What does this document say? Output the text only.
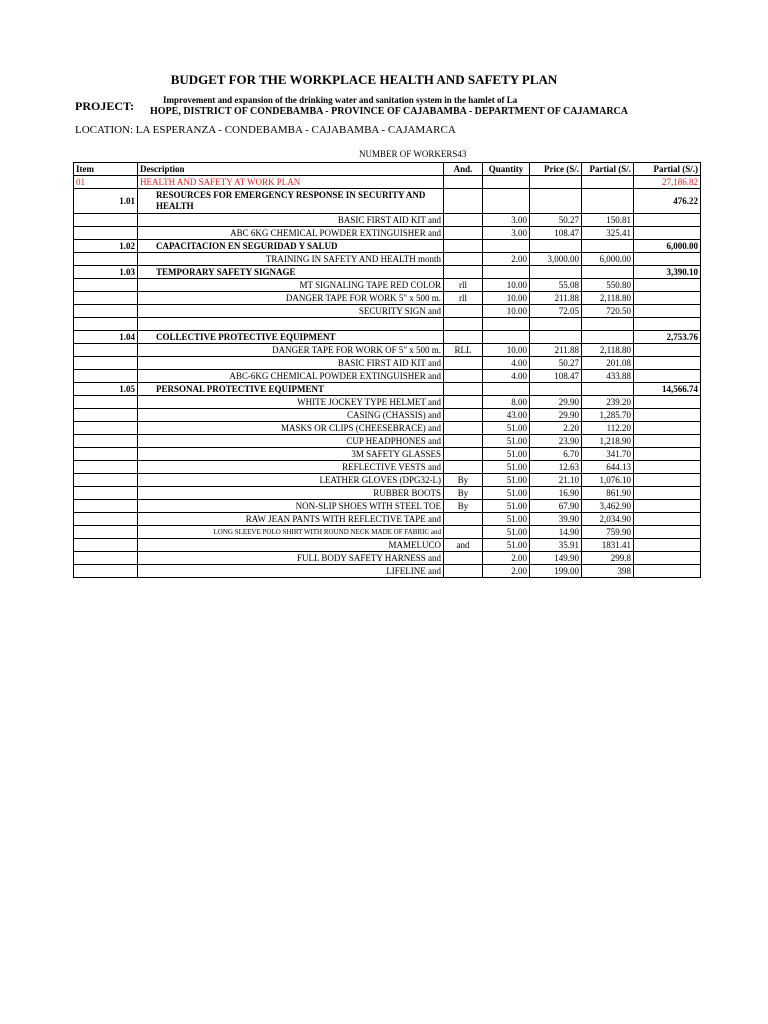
BUDGET FOR THE WORKPLACE HEALTH AND SAFETY PLAN
PROJECT:	Improvement and expansion of the drinking water and sanitation system in the hamlet of La
HOPE, DISTRICT OF CONDEBAMBA - PROVINCE OF CAJABAMBA - DEPARTMENT OF CAJAMARCA
LOCATION: LA ESPERANZA - CONDEBAMBA - CAJABAMBA - CAJAMARCA
NUMBER OF WORKERS43
Item	Description	And.	Quantity	Price (S/.	Partial (S/.	Partial (S/.)
01	HEALTH AND SAFETY AT WORK PLAN					27,186.82
1.01	RESOURCES FOR EMERGENCY RESPONSE IN SECURITY AND HEALTH					476.22
	BASIC FIRST AID KIT and		3.00	50.27	150.81	
	ABC 6KG CHEMICAL POWDER EXTINGUISHER and		3.00	108.47	325.41	
1.02	CAPACITACION EN SEGURIDAD Y SALUD					6,000.00
	TRAINING IN SAFETY AND HEALTH month		2.00	3,000.00	6,000.00	
1.03	TEMPORARY SAFETY SIGNAGE					3,390.10
	MT SIGNALING TAPE RED COLOR	rll	10.00	55.08	550.80	
	DANGER TAPE FOR WORK 5" x 500 m.	rll	10.00	211.88	2,118.80	
	SECURITY SIGN and		10.00	72.05	720.50	

1.04	COLLECTIVE PROTECTIVE EQUIPMENT					2,753.76
	DANGER TAPE FOR WORK OF 5" x 500 m.	RLL	10.00	211.88	2,118.80	
	BASIC FIRST AID KIT and		4.00	50.27	201.08	
	ABC-6KG CHEMICAL POWDER EXTINGUISHER and		4.00	108.47	433.88	
1.05	PERSONAL PROTECTIVE EQUIPMENT					14,566.74
	WHITE JOCKEY TYPE HELMET and		8.00	29.90	239.20	
	CASING (CHASSIS) and		43.00	29.90	1,285.70	
	MASKS OR CLIPS (CHEESEBRACE) and		51.00	2.20	112.20	
	CUP HEADPHONES and		51.00	23.90	1,218.90	
	3M SAFETY GLASSES		51.00	6.70	341.70	
	REFLECTIVE VESTS and		51.00	12.63	644.13	
	LEATHER GLOVES (DPG32-L)	By	51.00	21.10	1,076.10	
	RUBBER BOOTS	By	51.00	16.90	861.90	
	NON-SLIP SHOES WITH STEEL TOE	By	51.00	67.90	3,462.90	
	RAW JEAN PANTS WITH REFLECTIVE TAPE and		51.00	39.90	2,034.90	
	LONG SLEEVE POLO SHIRT WITH ROUND NECK MADE OF FABRIC and		51.00	14.90	759.90	
	MAMELUCO	and	51.00	35.91	1831.41	
	FULL BODY SAFETY HARNESS and		2.00	149.90	299.8	
	LIFELINE and		2.00	199.00	398	
